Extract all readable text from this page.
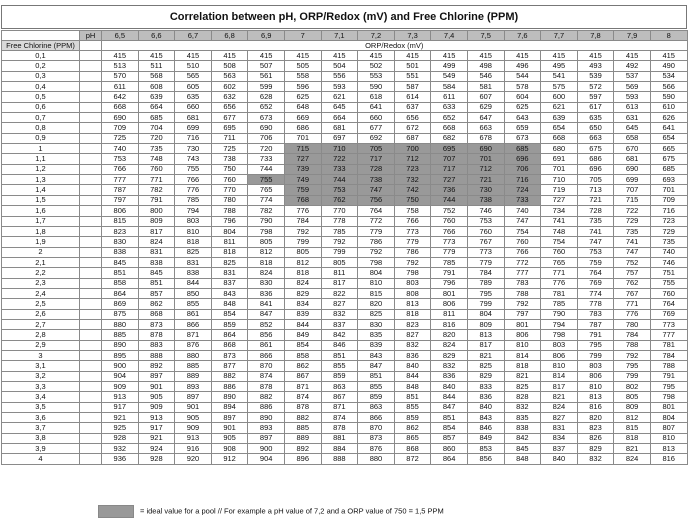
Correlation between pH, ORP/Redox (mV) and Free Chlorine (PPM)
	pH	6,5	6,6	6,7	6,8	6,9	7	7,1	7,2	7,3	7,4	7,5	7,6	7,7	7,8	7,9	8
Free Chlorine (PPM)		ORP/Redox (mV)															
0,1		415	415	415	415	415	415	415	415	415	415	415	415	415	415	415	415
0,2		513	511	510	508	507	505	504	502	501	499	498	496	495	493	492	490
0,3		570	568	565	563	561	558	556	553	551	549	546	544	541	539	537	534
0,4		611	608	605	602	599	596	593	590	587	584	581	578	575	572	569	566
0,5		642	639	635	632	628	625	621	618	614	611	607	604	600	597	593	590
0,6		668	664	660	656	652	648	645	641	637	633	629	625	621	617	613	610
0,7		690	685	681	677	673	669	664	660	656	652	647	643	639	635	631	626
0,8		709	704	699	695	690	686	681	677	672	668	663	659	654	650	645	641
0,9		725	720	716	711	706	701	697	692	687	682	678	673	668	663	658	654
1		740	735	730	725	720	715	710	705	700	695	690	685	680	675	670	665
1,1		753	748	743	738	733	727	722	717	712	707	701	696	691	686	681	675
1,2		766	760	755	750	744	739	733	728	723	717	712	706	701	696	690	685
1,3		777	771	766	760	755	749	744	738	732	727	721	716	710	705	699	693
1,4		787	782	776	770	765	759	753	747	742	736	730	724	719	713	707	701
1,5		797	791	785	780	774	768	762	756	750	744	738	733	727	721	715	709
1,6		806	800	794	788	782	776	770	764	758	752	746	740	734	728	722	716
1,7		815	809	803	796	790	784	778	772	766	760	753	747	741	735	729	723
1,8		823	817	810	804	798	792	785	779	773	766	760	754	748	741	735	729
1,9		830	824	818	811	805	799	792	786	779	773	767	760	754	747	741	735
2		838	831	825	818	812	805	799	792	786	779	773	766	760	753	747	740
2,1		845	838	831	825	818	812	805	798	792	785	779	772	765	759	752	746
2,2		851	845	838	831	824	818	811	804	798	791	784	777	771	764	757	751
2,3		858	851	844	837	830	824	817	810	803	796	789	783	776	769	762	755
2,4		864	857	850	843	836	829	822	815	808	801	795	788	781	774	767	760
2,5		869	862	855	848	841	834	827	820	813	806	799	792	785	778	771	764
2,6		875	868	861	854	847	839	832	825	818	811	804	797	790	783	776	769
2,7		880	873	866	859	852	844	837	830	823	816	809	801	794	787	780	773
2,8		885	878	871	864	856	849	842	835	827	820	813	806	798	791	784	777
2,9		890	883	876	868	861	854	846	839	832	824	817	810	803	795	788	781
3		895	888	880	873	866	858	851	843	836	829	821	814	806	799	792	784
3,1		900	892	885	877	870	862	855	847	840	832	825	818	810	803	795	788
3,2		904	897	889	882	874	867	859	851	844	836	829	821	814	806	799	791
3,3		909	901	893	886	878	871	863	855	848	840	833	825	817	810	802	795
3,4		913	905	897	890	882	874	867	859	851	844	836	828	821	813	805	798
3,5		917	909	901	894	886	878	871	863	855	847	840	832	824	816	809	801
3,6		921	913	905	897	890	882	874	866	859	851	843	835	827	820	812	804
3,7		925	917	909	901	893	885	878	870	862	854	846	838	831	823	815	807
3,8		928	921	913	905	897	889	881	873	865	857	849	842	834	826	818	810
3,9		932	924	916	908	900	892	884	876	868	860	853	845	837	829	821	813
4		936	928	920	912	904	896	888	880	872	864	856	848	840	832	824	816
= ideal value for a pool // For example a pH value of 7,2 and a ORP value of 750 = 1,5 PPM
